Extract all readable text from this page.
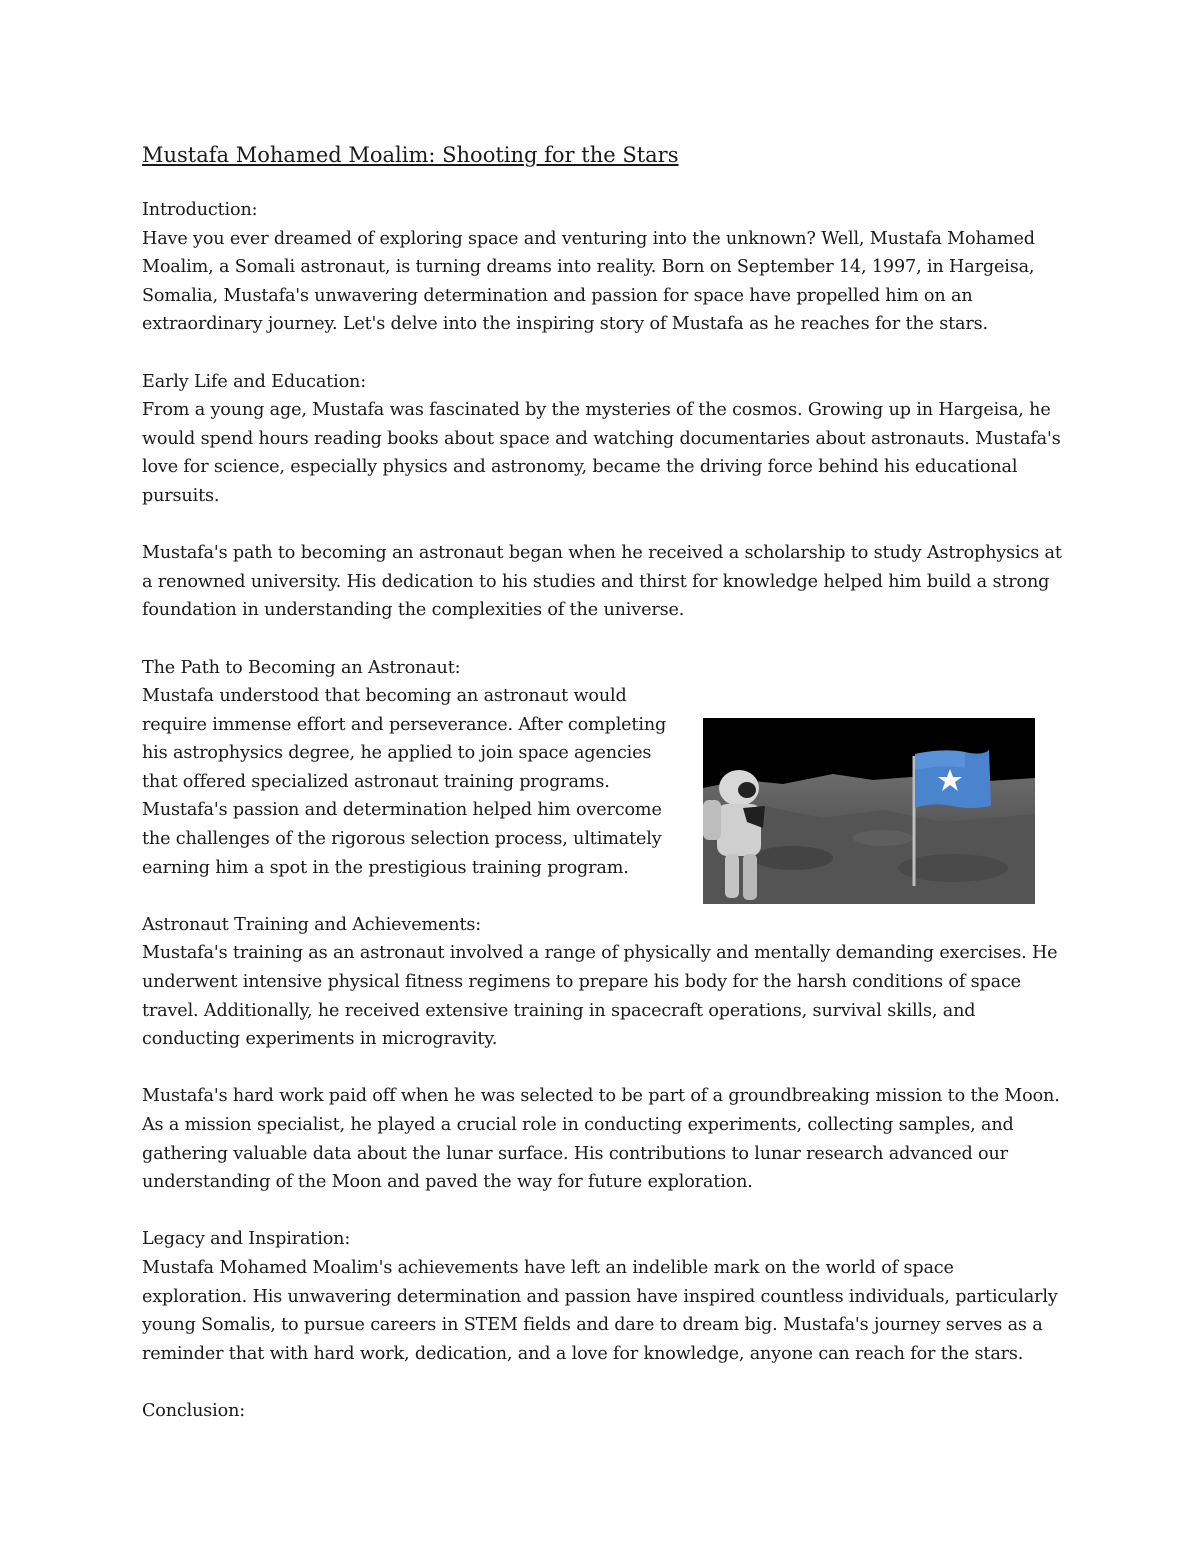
Mustafa Mohamed Moalim: Shooting for the Stars

Introduction:

Have you ever dreamed of exploring space and venturing into the unknown? Well, Mustafa Mohamed Moalim, a Somali astronaut, is turning dreams into reality. Born on September 14, 1997, in Hargeisa, Somalia, Mustafa's unwavering determination and passion for space have propelled him on an extraordinary journey. Let's delve into the inspiring story of Mustafa as he reaches for the stars.

Early Life and Education:

From a young age, Mustafa was fascinated by the mysteries of the cosmos. Growing up in Hargeisa, he would spend hours reading books about space and watching documentaries about astronauts. Mustafa's love for science, especially physics and astronomy, became the driving force behind his educational pursuits.

Mustafa's path to becoming an astronaut began when he received a scholarship to study Astrophysics at a renowned university. His dedication to his studies and thirst for knowledge helped him build a strong foundation in understanding the complexities of the universe.

The Path to Becoming an Astronaut:

Mustafa understood that becoming an astronaut would require immense effort and perseverance. After completing his astrophysics degree, he applied to join space agencies that offered specialized astronaut training programs. Mustafa's passion and determination helped him overcome the challenges of the rigorous selection process, ultimately earning him a spot in the prestigious training program.

Astronaut Training and Achievements:

Mustafa's training as an astronaut involved a range of physically and mentally demanding exercises. He underwent intensive physical fitness regimens to prepare his body for the harsh conditions of space travel. Additionally, he received extensive training in spacecraft operations, survival skills, and conducting experiments in microgravity.

Mustafa's hard work paid off when he was selected to be part of a groundbreaking mission to the Moon. As a mission specialist, he played a crucial role in conducting experiments, collecting samples, and gathering valuable data about the lunar surface. His contributions to lunar research advanced our understanding of the Moon and paved the way for future exploration.

Legacy and Inspiration:

Mustafa Mohamed Moalim's achievements have left an indelible mark on the world of space exploration. His unwavering determination and passion have inspired countless individuals, particularly young Somalis, to pursue careers in STEM fields and dare to dream big. Mustafa's journey serves as a reminder that with hard work, dedication, and a love for knowledge, anyone can reach for the stars.

Conclusion:
